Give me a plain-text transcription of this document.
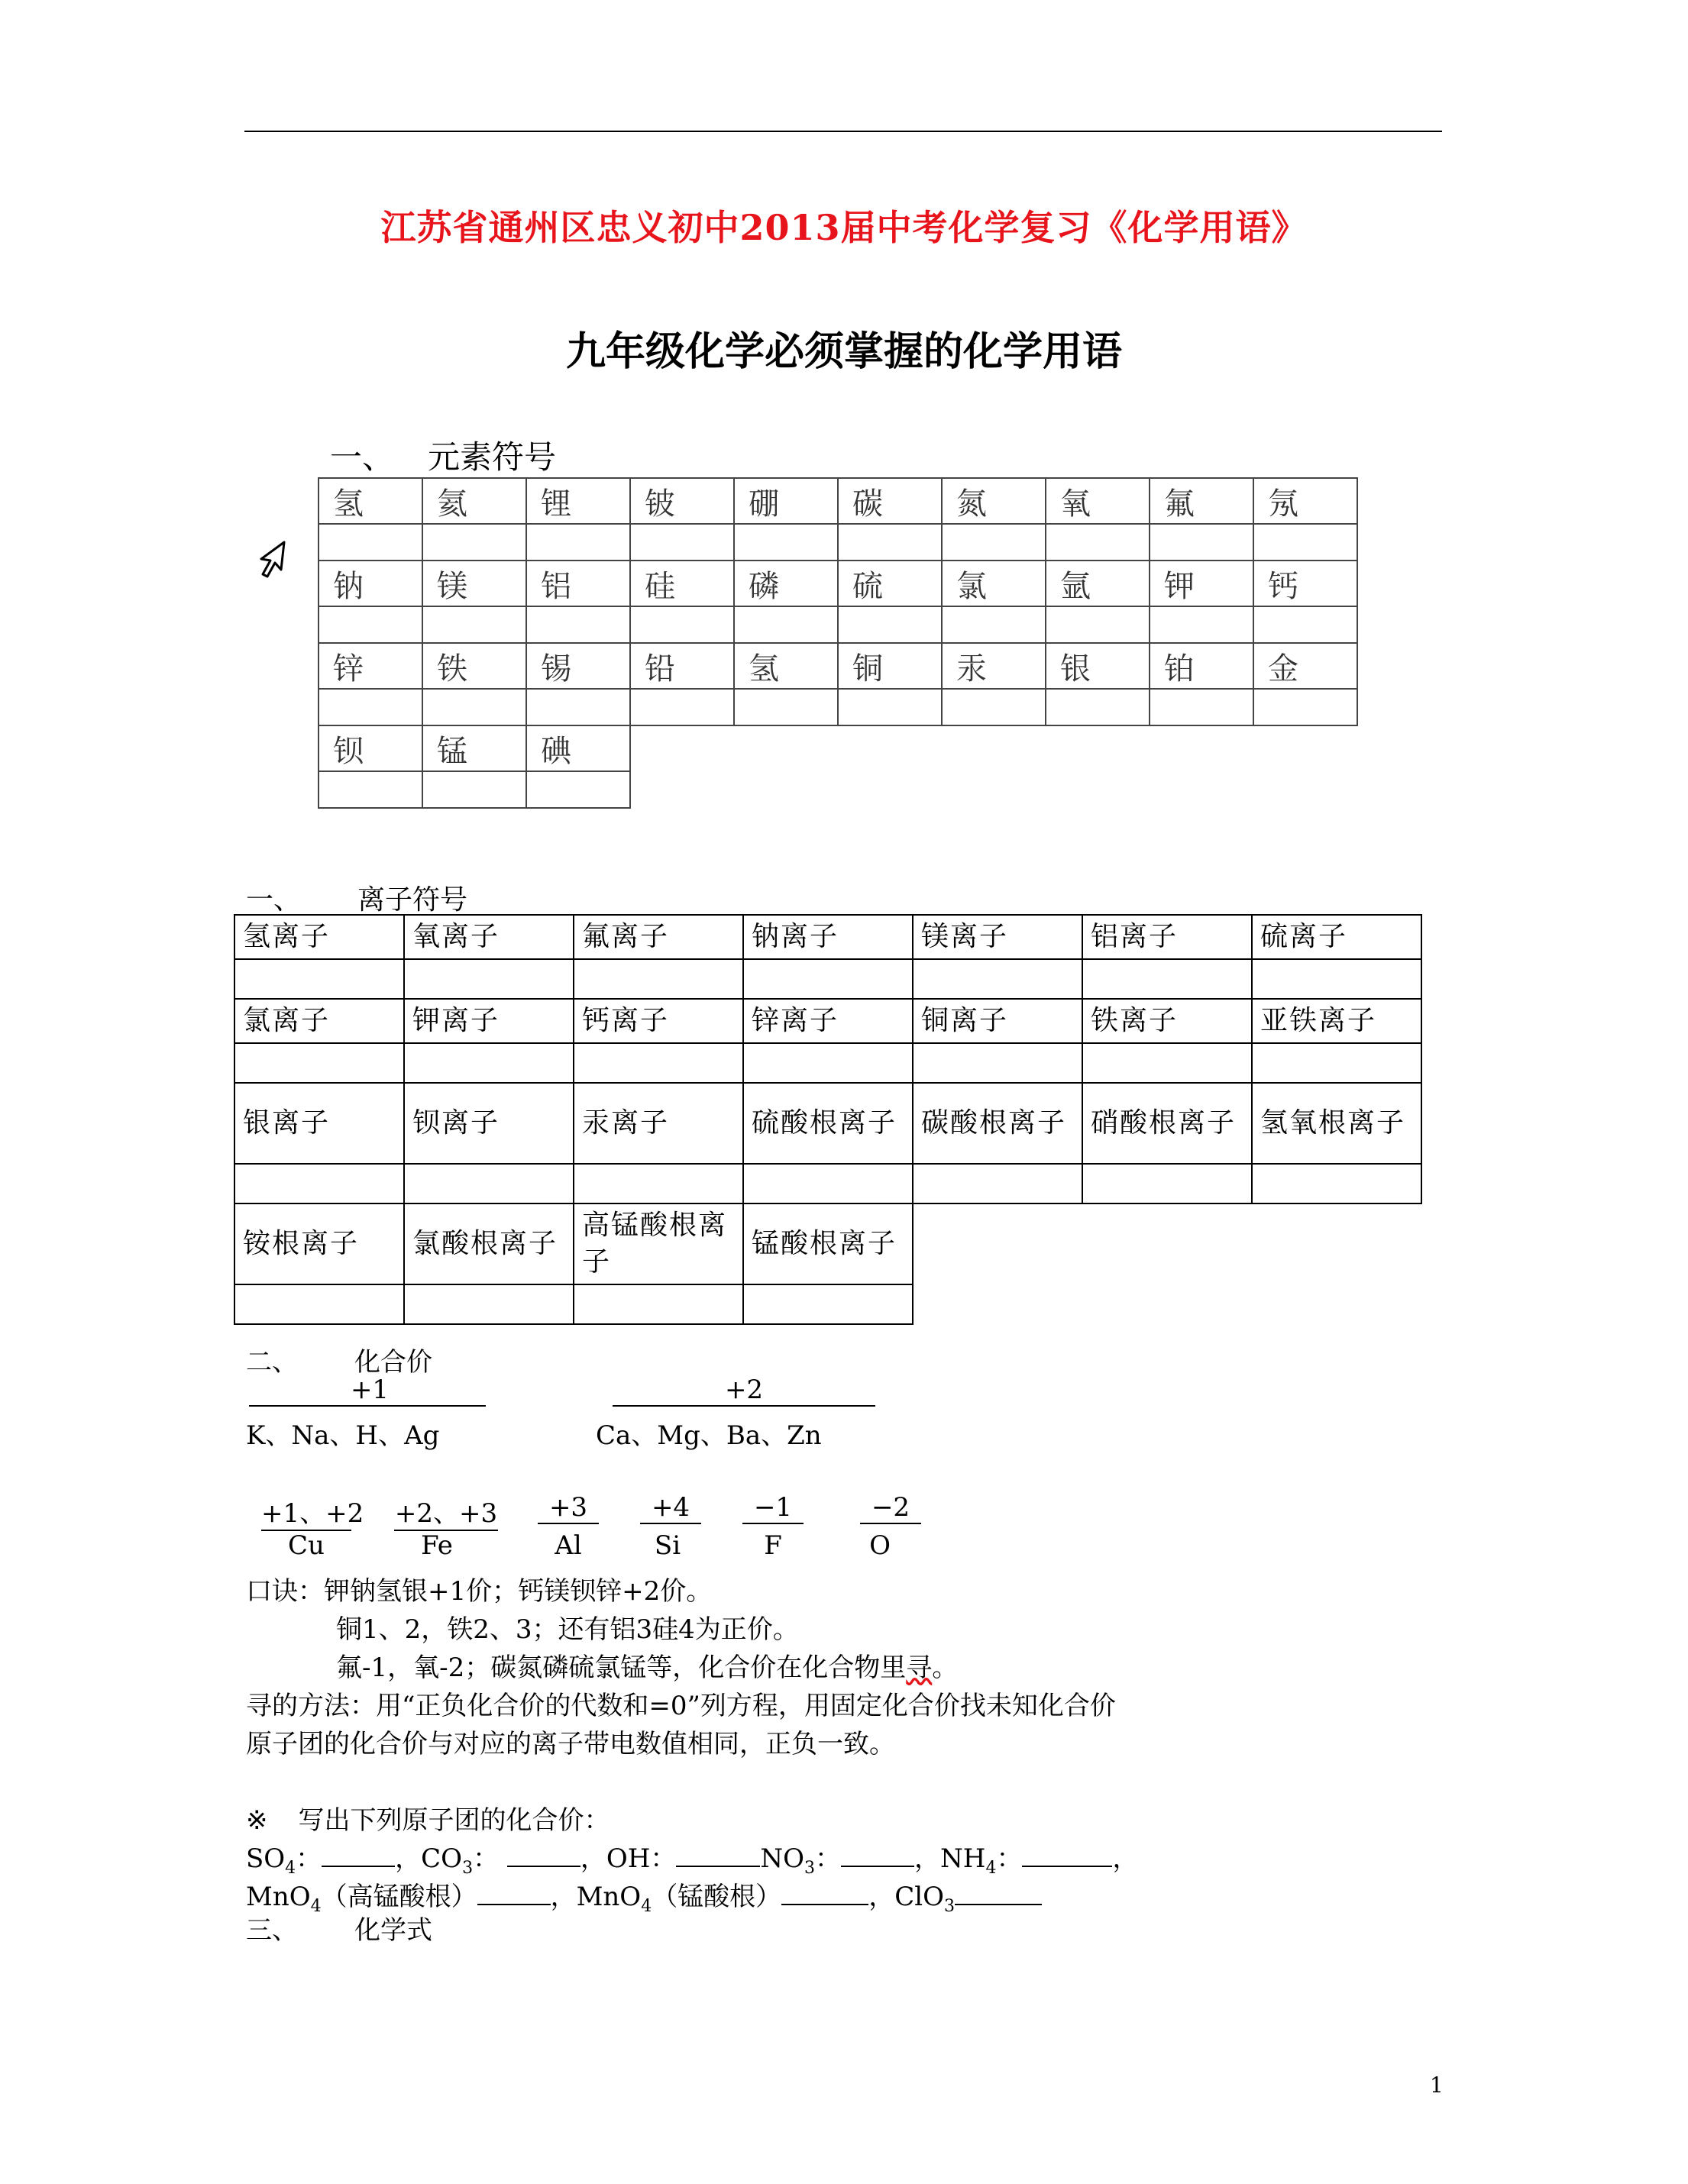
江苏省通州区忠义初中2013届中考化学复习《化学用语》
九年级化学必须掌握的化学用语
一、 元素符号
氢	氦	锂	铍	硼	碳	氮	氧	氟	氖

钠	镁	铝	硅	磷	硫	氯	氩	钾	钙

锌	铁	锡	铅	氢	铜	汞	银	铂	金

钡	锰	碘							

一、 离子符号
氢离子	氧离子	氟离子	钠离子	镁离子	铝离子	硫离子

氯离子	钾离子	钙离子	锌离子	铜离子	铁离子	亚铁离子

银离子	钡离子	汞离子	硫酸根离子	碳酸根离子	硝酸根离子	氢氧根离子

铵根离子	氯酸根离子	高锰酸根离子	锰酸根离子			

二、 化合价
+1
K、Na、H、Ag
+2
Ca、Mg、Ba、Zn
+1、+2
Cu
+2、+3
Fe
+3
Al
+4
Si
−1
F
−2
O
口诀：钾钠氢银+1价；钙镁钡锌+2价。
铜1、2，铁2、3；还有铝3硅4为正价。
氟-1，氧-2；碳氮磷硫氯锰等，化合价在化合物里寻。
寻的方法：用“正负化合价的代数和=0”列方程，用固定化合价找未知化合价
原子团的化合价与对应的离子带电数值相同，正负一致。
※ 写出下列原子团的化合价：
$SO_4$：	，$CO_3$：	，OH：	$NO_3$：	，$NH_4$：	，
MnO$_4$（高锰酸根）	，MnO$_4$（锰酸根）	，ClO$_3$
三、 化学式
1
